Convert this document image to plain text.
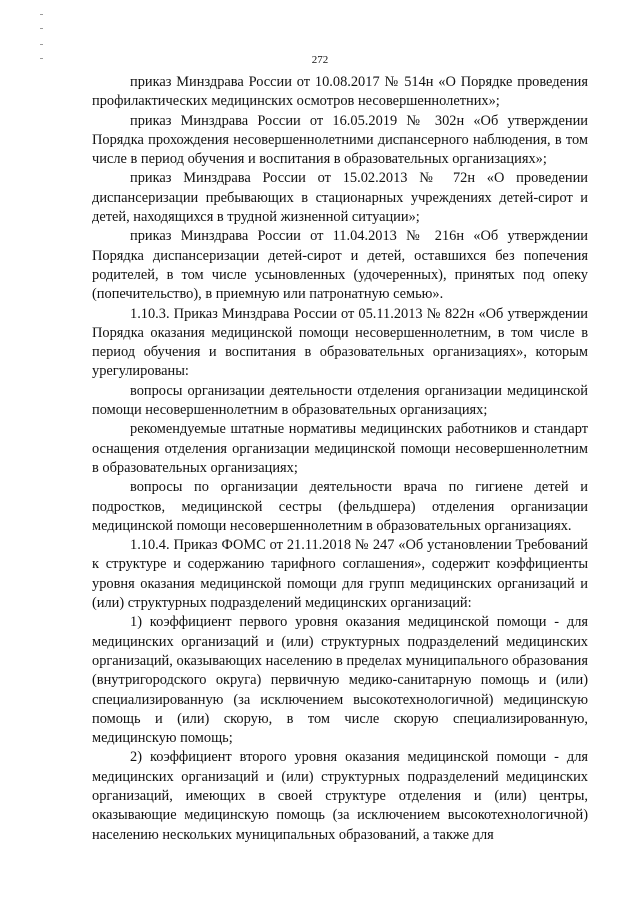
272

приказ Минздрава России от 10.08.2017 № 514н «О Порядке проведения профилактических медицинских осмотров несовершеннолетних»;

приказ Минздрава России от 16.05.2019 № 302н «Об утверждении Порядка прохождения несовершеннолетними диспансерного наблюдения, в том числе в период обучения и воспитания в образовательных организациях»;

приказ Минздрава России от 15.02.2013 № 72н «О проведении диспансеризации пребывающих в стационарных учреждениях детей-сирот и детей, находящихся в трудной жизненной ситуации»;

приказ Минздрава России от 11.04.2013 № 216н «Об утверждении Порядка диспансеризации детей-сирот и детей, оставшихся без попечения родителей, в том числе усыновленных (удочеренных), принятых под опеку (попечительство), в приемную или патронатную семью».

1.10.3. Приказ Минздрава России от 05.11.2013 № 822н «Об утверждении Порядка оказания медицинской помощи несовершеннолетним, в том числе в период обучения и воспитания в образовательных организациях», которым урегулированы:

вопросы организации деятельности отделения организации медицинской помощи несовершеннолетним в образовательных организациях;

рекомендуемые штатные нормативы медицинских работников и стандарт оснащения отделения организации медицинской помощи несовершеннолетним в образовательных организациях;

вопросы по организации деятельности врача по гигиене детей и подростков, медицинской сестры (фельдшера) отделения организации медицинской помощи несовершеннолетним в образовательных организациях.

1.10.4. Приказ ФОМС от 21.11.2018 № 247 «Об установлении Требований к структуре и содержанию тарифного соглашения», содержит коэффициенты уровня оказания медицинской помощи для групп медицинских организаций и (или) структурных подразделений медицинских организаций:

1) коэффициент первого уровня оказания медицинской помощи - для медицинских организаций и (или) структурных подразделений медицинских организаций, оказывающих населению в пределах муниципального образования (внутригородского округа) первичную медико-санитарную помощь и (или) специализированную (за исключением высокотехнологичной) медицинскую помощь и (или) скорую, в том числе скорую специализированную, медицинскую помощь;

2) коэффициент второго уровня оказания медицинской помощи - для медицинских организаций и (или) структурных подразделений медицинских организаций, имеющих в своей структуре отделения и (или) центры, оказывающие медицинскую помощь (за исключением высокотехнологичной) населению нескольких муниципальных образований, а также для
